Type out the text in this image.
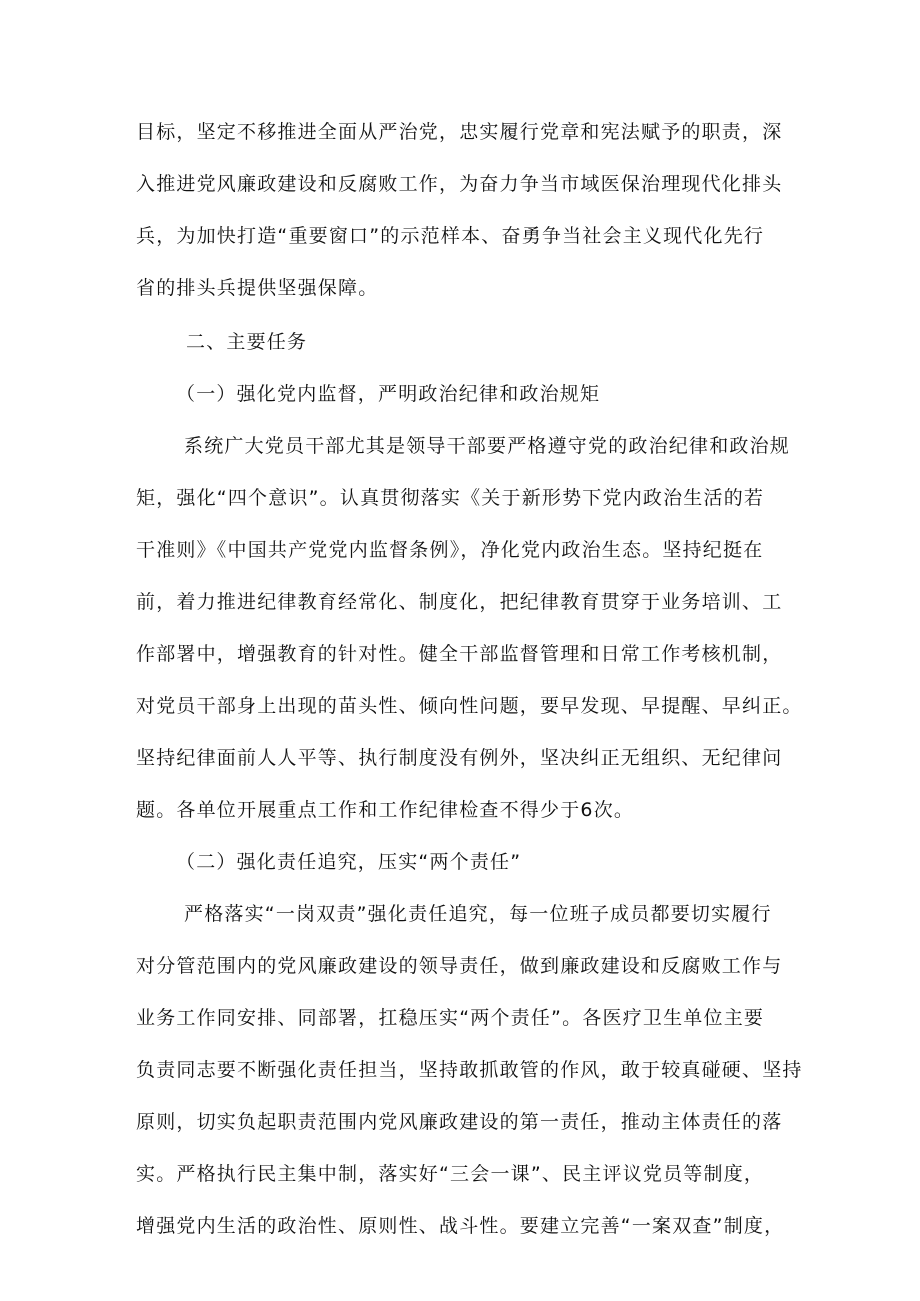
目标，坚定不移推进全面从严治党，忠实履行党章和宪法赋予的职责，深
入推进党风廉政建设和反腐败工作，为奋力争当市域医保治理现代化排头
兵，为加快打造“重要窗口”的示范样本、奋勇争当社会主义现代化先行
省的排头兵提供坚强保障。
二、主要任务
（一）强化党内监督，严明政治纪律和政治规矩
系统广大党员干部尤其是领导干部要严格遵守党的政治纪律和政治规
矩，强化“四个意识”。认真贯彻落实《关于新形势下党内政治生活的若
干准则》《中国共产党党内监督条例》，净化党内政治生态。坚持纪挺在
前，着力推进纪律教育经常化、制度化，把纪律教育贯穿于业务培训、工
作部署中，增强教育的针对性。健全干部监督管理和日常工作考核机制，
对党员干部身上出现的苗头性、倾向性问题，要早发现、早提醒、早纠正。
坚持纪律面前人人平等、执行制度没有例外，坚决纠正无组织、无纪律问
题。各单位开展重点工作和工作纪律检查不得少于6次。
（二）强化责任追究，压实“两个责任”
严格落实“一岗双责”强化责任追究，每一位班子成员都要切实履行
对分管范围内的党风廉政建设的领导责任，做到廉政建设和反腐败工作与
业务工作同安排、同部署，扛稳压实“两个责任”。各医疗卫生单位主要
负责同志要不断强化责任担当，坚持敢抓敢管的作风，敢于较真碰硬、坚持
原则，切实负起职责范围内党风廉政建设的第一责任，推动主体责任的落
实。严格执行民主集中制，落实好“三会一课”、民主评议党员等制度，
增强党内生活的政治性、原则性、战斗性。要建立完善“一案双查”制度，
